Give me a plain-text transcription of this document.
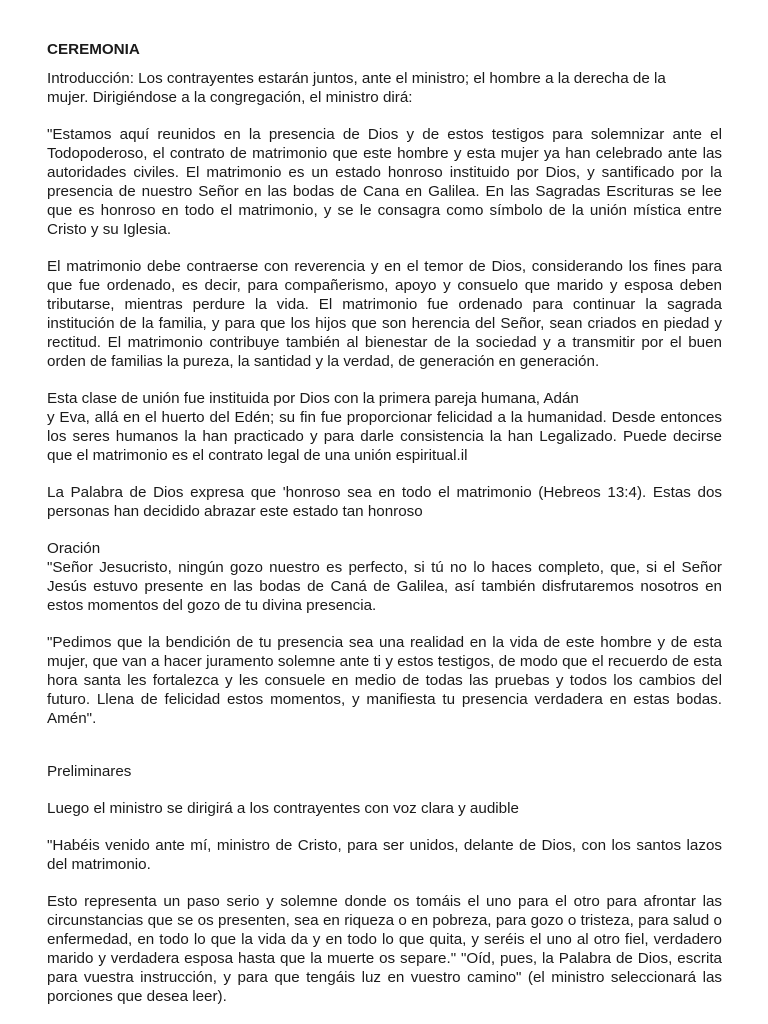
CEREMONIA
Introducción: Los contrayentes estarán juntos, ante el ministro; el hombre a la derecha de la
mujer. Dirigiéndose a la congregación, el ministro dirá:
"Estamos aquí reunidos en la presencia de Dios y de estos testigos para solemnizar ante el Todopoderoso, el contrato de matrimonio que este hombre y esta mujer ya han celebrado ante las autoridades civiles. El matrimonio es un estado honroso instituido por Dios, y santificado por la presencia de nuestro Señor en las bodas de Cana en Galilea. En las Sagradas Escrituras se lee que es honroso en todo el matrimonio, y se le consagra como símbolo de la unión mística entre Cristo y su Iglesia.
El matrimonio debe contraerse con reverencia y en el temor de Dios, considerando los fines para que fue ordenado, es decir, para compañerismo, apoyo y consuelo que marido y esposa deben tributarse, mientras perdure la vida. El matrimonio fue ordenado para continuar la sagrada institución de la familia, y para que los hijos que son herencia del Señor, sean criados en piedad y rectitud. El matrimonio contribuye también al bienestar de la sociedad y a transmitir por el buen orden de familias la pureza, la santidad y la verdad, de generación en generación.
Esta clase de unión fue instituida por Dios con la primera pareja humana, Adán
y Eva, allá en el huerto del Edén; su fin fue proporcionar felicidad a la humanidad. Desde entonces los seres humanos la han practicado y para darle consistencia la han Legalizado. Puede decirse que el matrimonio es el contrato legal de una unión espiritual.il
La Palabra de Dios expresa que 'honroso sea en todo el matrimonio (Hebreos 13:4). Estas dos personas han decidido abrazar este estado tan honroso
Oración
"Señor Jesucristo, ningún gozo nuestro es perfecto, si tú no lo haces completo, que, si el Señor Jesús estuvo presente en las bodas de Caná de Galilea, así también disfrutaremos nosotros en estos momentos del gozo de tu divina presencia.
"Pedimos que la bendición de tu presencia sea una realidad en la vida de este hombre y de esta mujer, que van a hacer juramento solemne ante ti y estos testigos, de modo que el recuerdo de esta hora santa les fortalezca y les consuele en medio de todas las pruebas y todos los cambios del futuro. Llena de felicidad estos momentos, y manifiesta tu presencia verdadera en estas bodas. Amén".
Preliminares
Luego el ministro se dirigirá a los contrayentes con voz clara y audible
"Habéis venido ante mí, ministro de Cristo, para ser unidos, delante de Dios, con los santos lazos del matrimonio.
Esto representa un paso serio y solemne donde os tomáis el uno para el otro para afrontar las circunstancias que se os presenten, sea en riqueza o en pobreza, para gozo o tristeza, para salud o enfermedad, en todo lo que la vida da y en todo lo que quita, y seréis el uno al otro fiel, verdadero marido y verdadera esposa hasta que la muerte os separe." "Oíd, pues, la Palabra de Dios, escrita para vuestra instrucción, y para que tengáis luz en vuestro camino" (el ministro seleccionará las porciones que desea leer).
